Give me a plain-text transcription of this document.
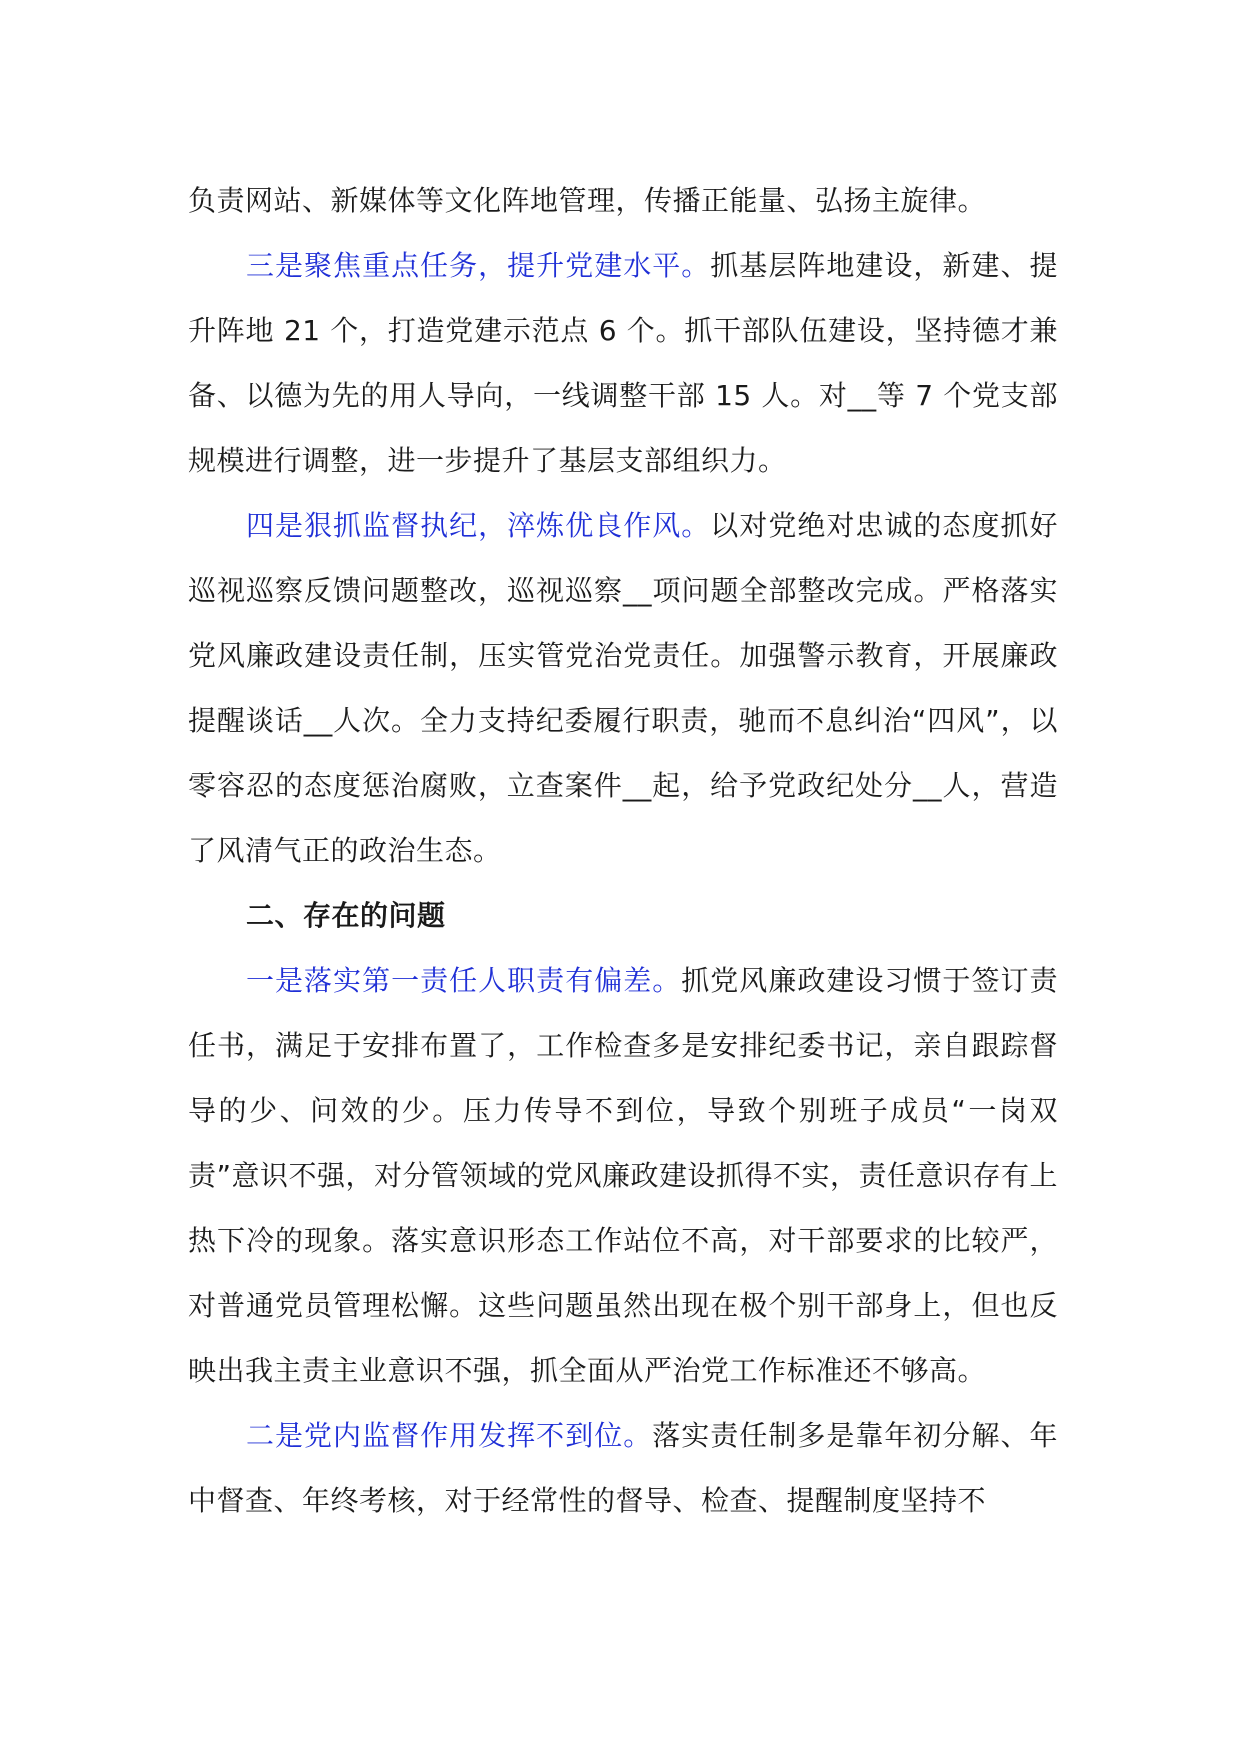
负责网站、新媒体等文化阵地管理，传播正能量、弘扬主旋律。

三是聚焦重点任务，提升党建水平。抓基层阵地建设，新建、提升阵地 21 个，打造党建示范点 6 个。抓干部队伍建设，坚持德才兼备、以德为先的用人导向，一线调整干部 15 人。对__等 7 个党支部规模进行调整，进一步提升了基层支部组织力。

四是狠抓监督执纪，淬炼优良作风。以对党绝对忠诚的态度抓好巡视巡察反馈问题整改，巡视巡察__项问题全部整改完成。严格落实党风廉政建设责任制，压实管党治党责任。加强警示教育，开展廉政提醒谈话__人次。全力支持纪委履行职责，驰而不息纠治“四风”，以零容忍的态度惩治腐败，立查案件__起，给予党政纪处分__人，营造了风清气正的政治生态。

二、存在的问题

一是落实第一责任人职责有偏差。抓党风廉政建设习惯于签订责任书，满足于安排布置了，工作检查多是安排纪委书记，亲自跟踪督导的少、问效的少。压力传导不到位，导致个别班子成员“一岗双责”意识不强，对分管领域的党风廉政建设抓得不实，责任意识存有上热下冷的现象。落实意识形态工作站位不高，对干部要求的比较严，对普通党员管理松懈。这些问题虽然出现在极个别干部身上，但也反映出我主责主业意识不强，抓全面从严治党工作标准还不够高。

二是党内监督作用发挥不到位。落实责任制多是靠年初分解、年中督查、年终考核，对于经常性的督导、检查、提醒制度坚持不
